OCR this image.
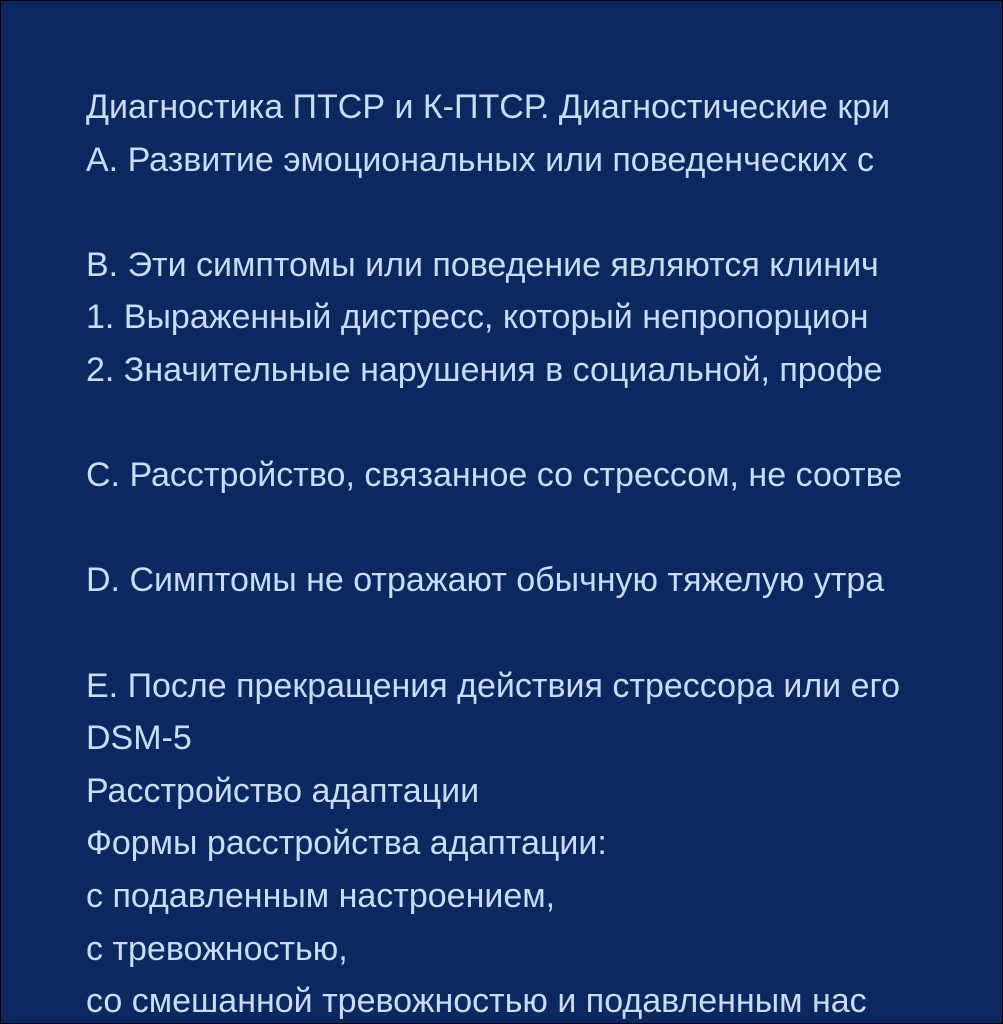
Диагностика ПТСР и К-ПТСР. Диагностические кри
А. Развитие эмоциональных или поведенческих с
В. Эти симптомы или поведение являются клинич
1. Выраженный дистресс, который непропорцион
2. Значительные нарушения в социальной, профе
С. Расстройство, связанное со стрессом, не соотве
D. Симптомы не отражают обычную тяжелую утра
Е. После прекращения действия стрессора или его
DSM-5
Расстройство адаптации
Формы расстройства адаптации:
с подавленным настроением,
с тревожностью,
со смешанной тревожностью и подавленным нас
